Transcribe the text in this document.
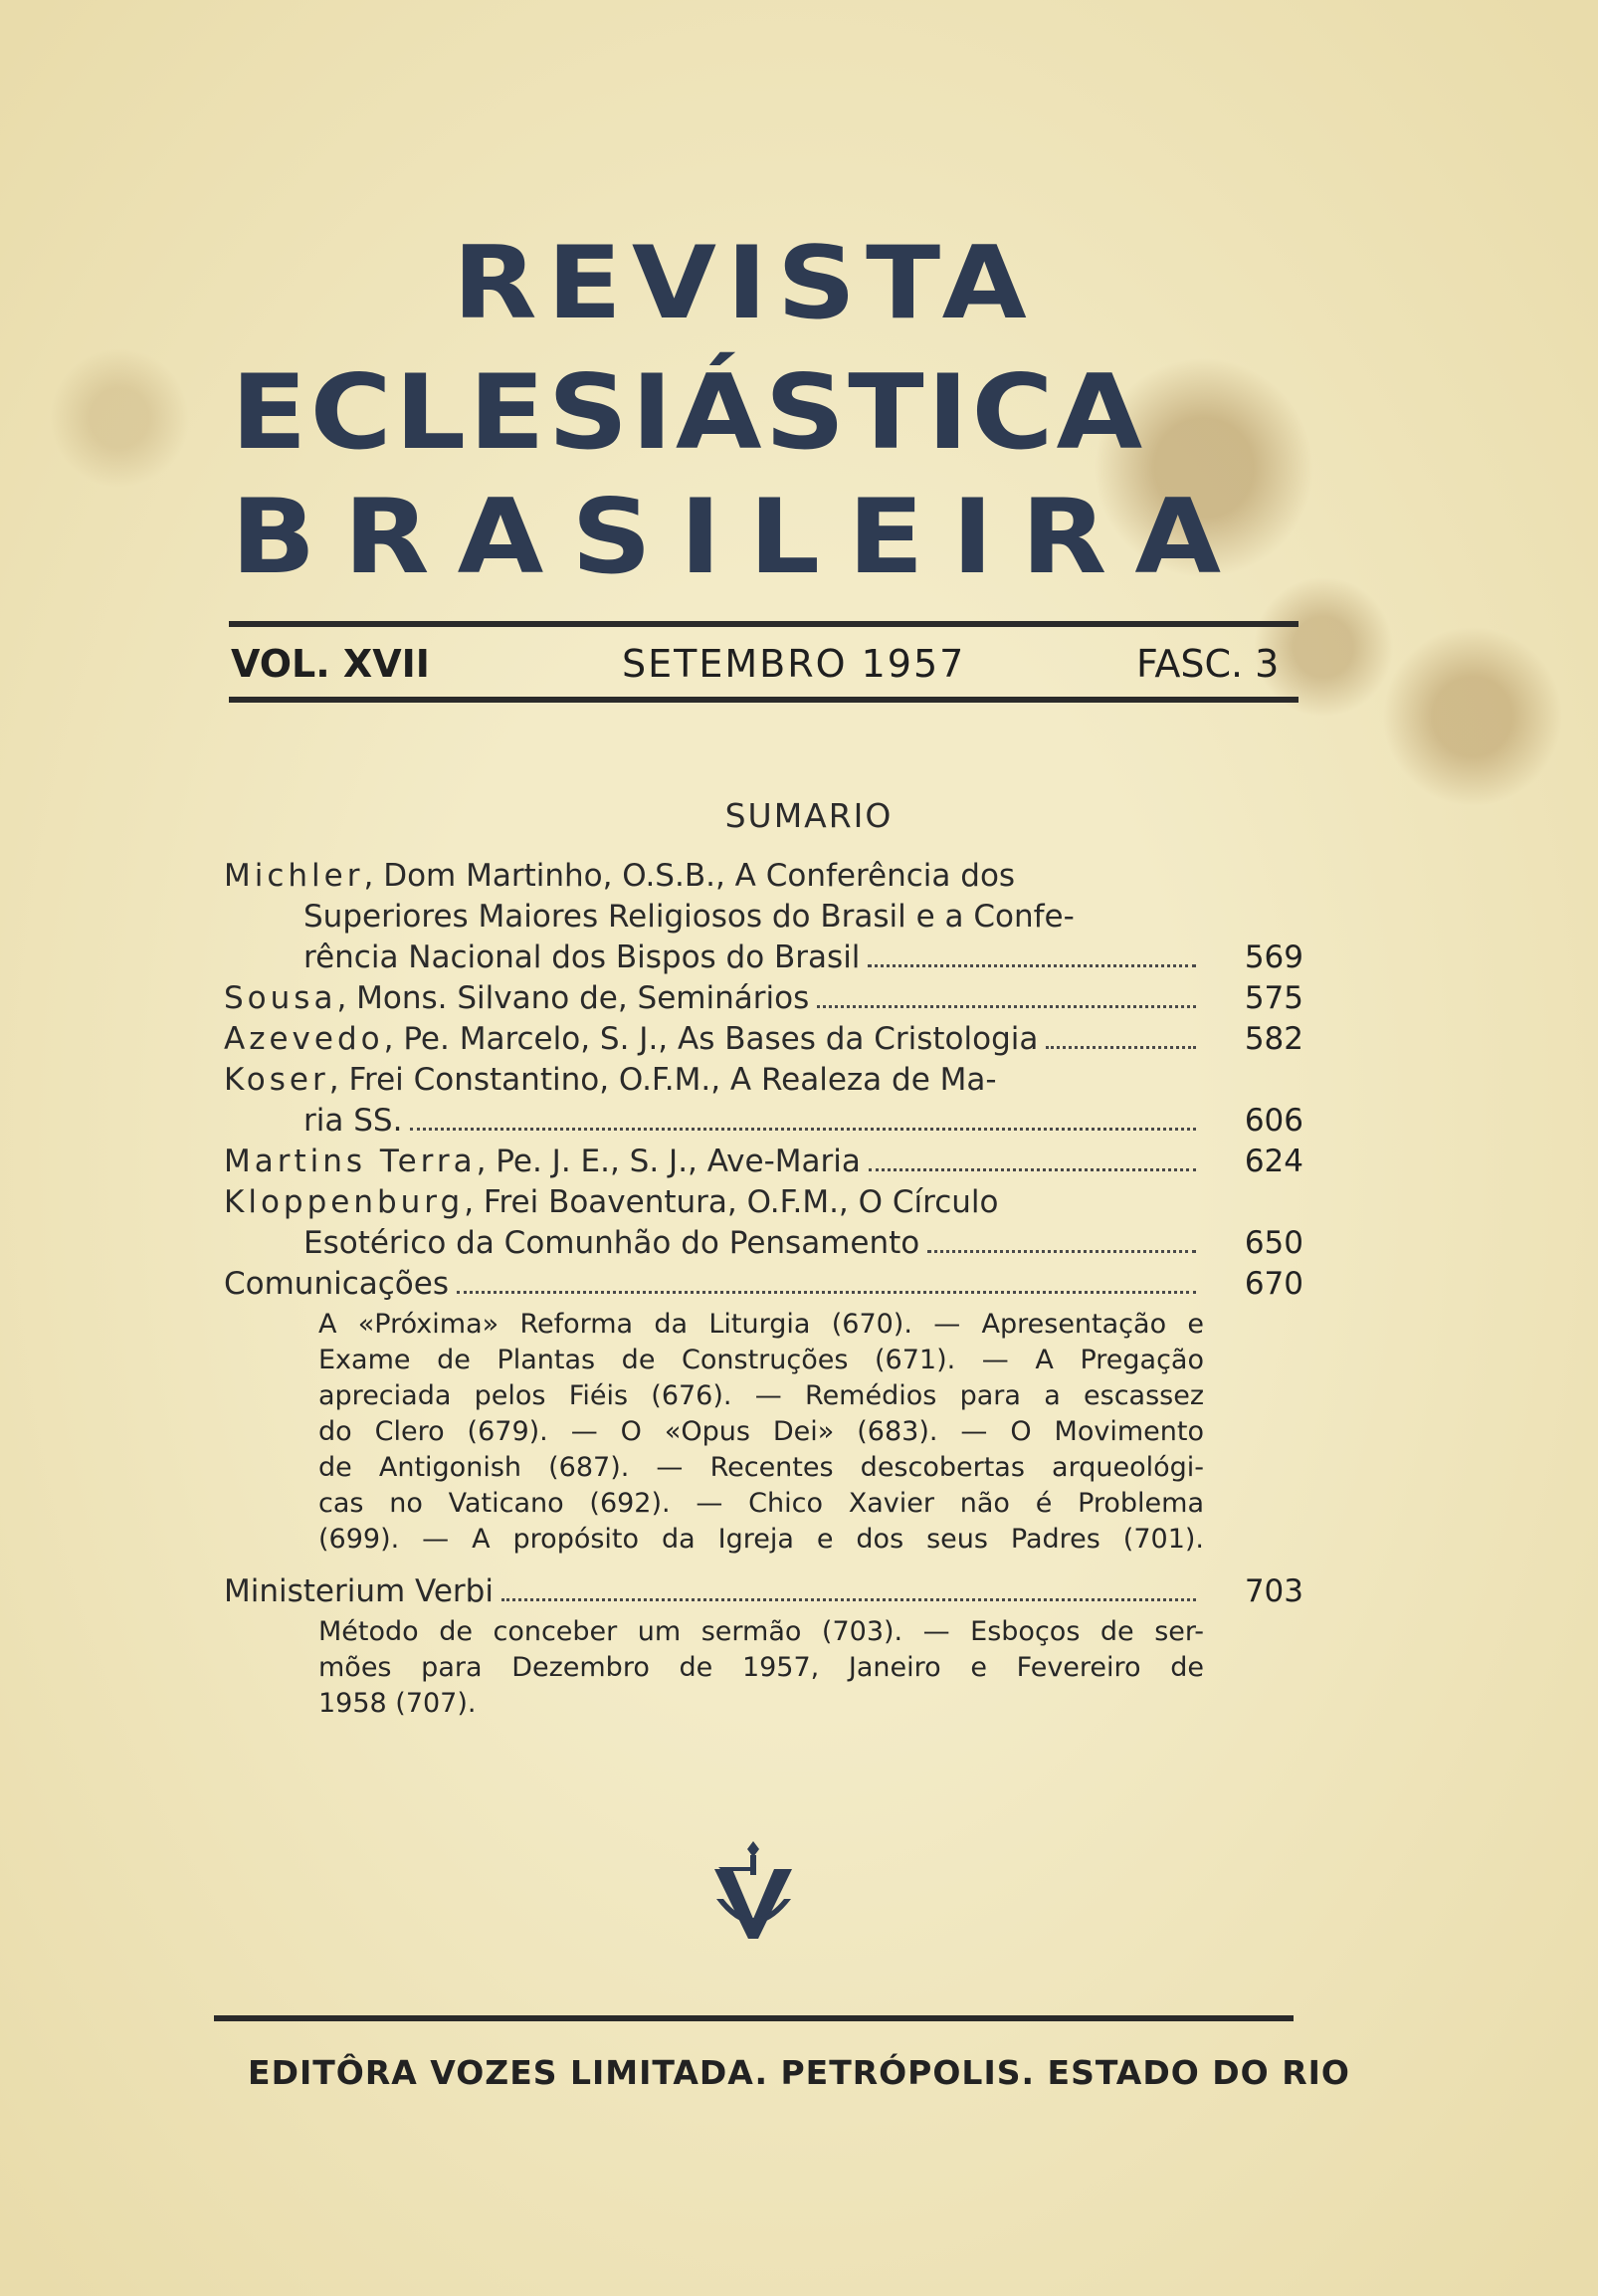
REVISTA
ECLESIÁSTICA
BRASILEIRA
VOL. XVII	SETEMBRO 1957	FASC. 3
SUMARIO
Michler, Dom Martinho, O.S.B., A Conferência dos
Superiores Maiores Religiosos do Brasil e a Confe-
rência Nacional dos Bispos do Brasil	569
Sousa, Mons. Silvano de, Seminários	575
Azevedo, Pe. Marcelo, S. J., As Bases da Cristologia	582
Koser, Frei Constantino, O.F.M., A Realeza de Ma-
ria SS.	606
Martins Terra, Pe. J. E., S. J., Ave-Maria	624
Kloppenburg, Frei Boaventura, O.F.M., O Círculo
Esotérico da Comunhão do Pensamento	650
Comunicações	670
A «Próxima» Reforma da Liturgia (670). — Apresentação e
Exame de Plantas de Construções (671). — A Pregação
apreciada pelos Fiéis (676). — Remédios para a escassez
do Clero (679). — O «Opus Dei» (683). — O Movimento
de Antigonish (687). — Recentes descobertas arqueológi-
cas no Vaticano (692). — Chico Xavier não é Problema
(699). — A propósito da Igreja e dos seus Padres (701).
Ministerium Verbi	703
Método de conceber um sermão (703). — Esboços de ser-
mões para Dezembro de 1957, Janeiro e Fevereiro de
1958 (707).
EDITÔRA VOZES LIMITADA. PETRÓPOLIS. ESTADO DO RIO
